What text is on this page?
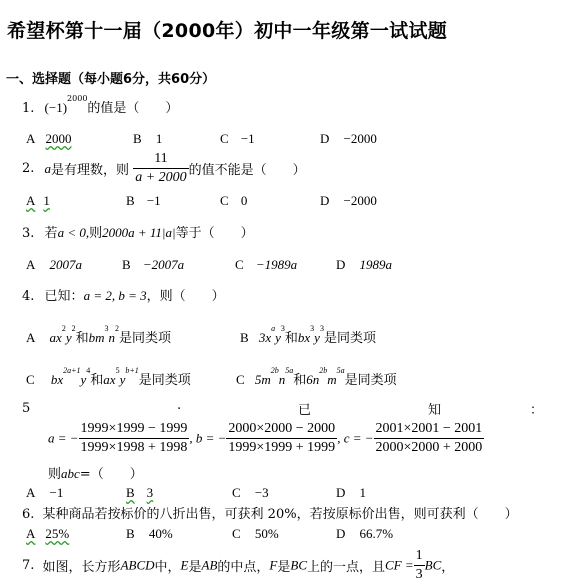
希望杯第十一届（2000年）初中一年级第一试试题
一、选择题（每小题6分，共60分）
1. $(-1)^{2000}$的值是（　　）
A 2000	B 1	C −1	D −2000
2. a是有理数，则 $\frac{11}{a + 2000}$ 的值不能是（　　）
A 1	B −1	C 0	D −2000
3. 若a < 0,则2000a + 11|a|等于（　　）
A 2007a	B −2007a	C −1989a	D 1989a
4. 已知：a = 2, b = 3，则（　　）
A $ax^2y^2$和$bm^3n^2$是同类项	B $3x^ay^3$和$bx^3y^3$是同类项
C $bx^{2a+1}y^4$和$ax^5y^{b+1}$是同类项	C $5m^{2b}n^{5a}$和$6n^{2b}m^{5a}$是同类项
5	.	已	知	：
a = − $\frac{1999\times 1999 - 1999}{1999\times 1998 + 1998}$ , b = − $\frac{2000\times 2000 - 2000}{1999\times 1999 + 1999}$ , c = − $\frac{2001\times 2001 - 2001}{2000\times 2000 + 2000}$
则abc=（　　）
A −1	B 3	C −3	D 1
6. 某种商品若按标价的八折出售，可获利 20%，若按原标价出售，则可获利（　　）
A 25%	B 40%	C 50%	D 66.7%
7. 如图，长方形ABCD中，E是AB的中点，F是BC上的一点，且CF = $\frac{1}{3}$ BC，
